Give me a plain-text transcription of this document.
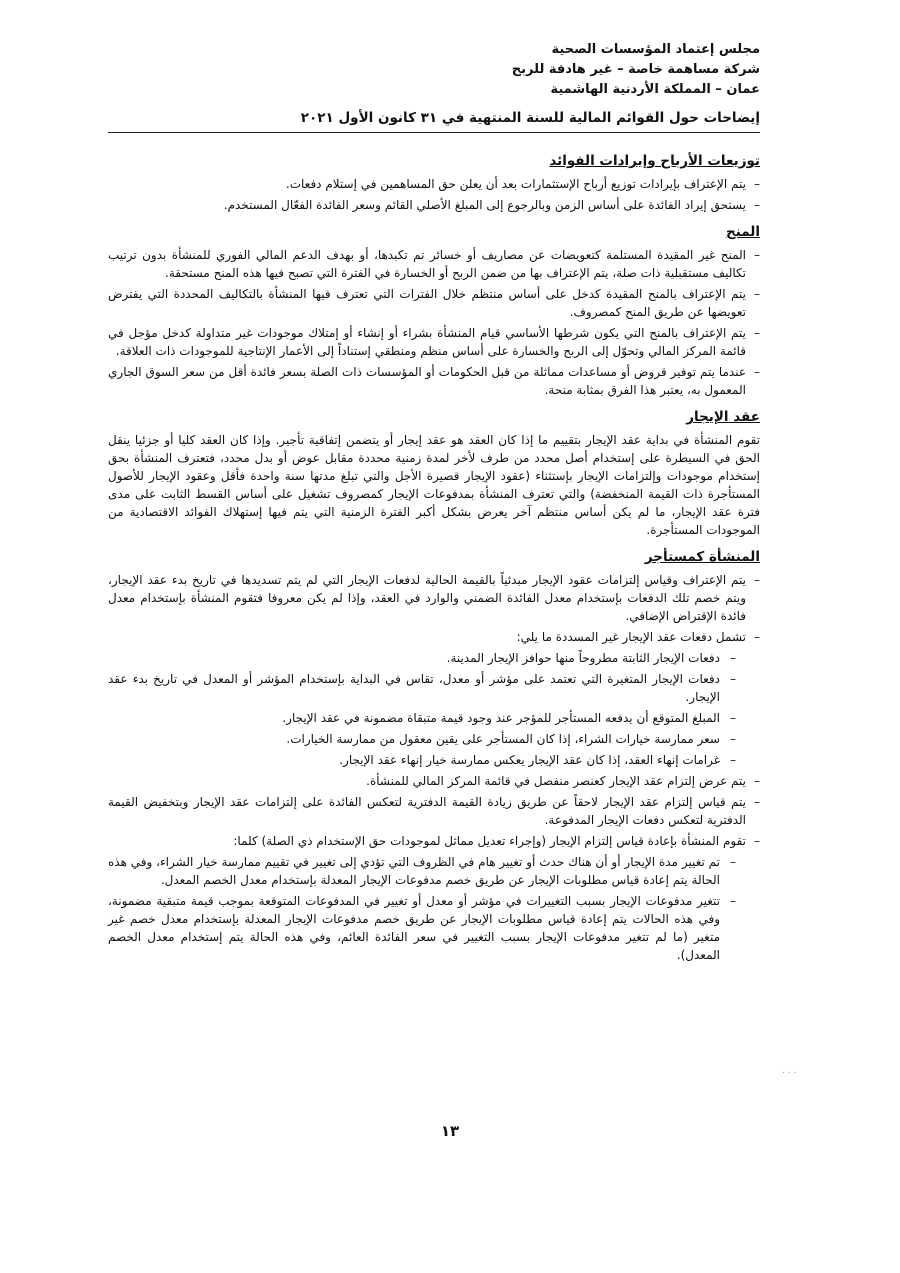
مجلس إعتماد المؤسسات الصحية
شركة مساهمة خاصة – غير هادفة للربح
عمان – المملكة الأردنية الهاشمية
إيضاحات حول القوائم المالية للسنة المنتهية في ٣١ كانون الأول ٢٠٢١
توزيعات الأرباح وإيرادات الفوائد
– يتم الإعتراف بإيرادات توزيع أرباح الإستثمارات بعد أن يعلن حق المساهمين في إستلام دفعات.
– يستحق إيراد الفائدة على أساس الزمن وبالرجوع إلى المبلغ الأصلي القائم وسعر الفائدة الفعّال المستخدم.
المنح
– المنح غير المقيدة المستلمة كتعويضات عن مصاريف أو خسائر تم تكبدها، أو بهدف الدعم المالي الفوري للمنشأة بدون ترتيب تكاليف مستقبلية ذات صلة، يتم الإعتراف بها من ضمن الربح أو الخسارة في الفترة التي تصبح فيها هذه المنح مستحقة.
– يتم الإعتراف بالمنح المقيدة كدخل على أساس منتظم خلال الفترات التي تعترف فيها المنشأة بالتكاليف المحددة التي يفترض تعويضها عن طريق المنح كمصروف.
– يتم الإعتراف بالمنح التي يكون شرطها الأساسي قيام المنشأة بشراء أو إنشاء أو إمتلاك موجودات غير متداولة كدخل مؤجل في قائمة المركز المالي وتحوّل إلى الربح والخسارة على أساس منظم ومنطقي إستناداً إلى الأعمار الإنتاجية للموجودات ذات العلاقة.
– عندما يتم توفير قروض أو مساعدات مماثلة من قبل الحكومات أو المؤسسات ذات الصلة بسعر فائدة أقل من سعر السوق الجاري المعمول به، يعتبر هذا الفرق بمثابة منحة.
عقد الإيجار

تقوم المنشأة في بداية عقد الإيجار بتقييم ما إذا كان العقد هو عقد إيجار أو يتضمن إتفاقية تأجير. وإذا كان العقد كليا أو جزئيا ينقل الحق في السيطرة على إستخدام أصل محدد من طرف لأخر لمدة زمنية محددة مقابل عوض أو بدل محدد، فتعترف المنشأة بحق إستخدام موجودات وإلتزامات الإيجار بإستثناء (عقود الإيجار قصيرة الأجل والتي تبلغ مدتها سنة واحدة فأقل وعقود الإيجار للأصول المستأجرة ذات القيمة المنخفضة) والتي تعترف المنشأة بمدفوعات الإيجار كمصروف تشغيل على أساس القسط الثابت على مدى فترة عقد الإيجار، ما لم يكن أساس منتظم آخر يعرض بشكل أكبر الفترة الزمنية التي يتم فيها إستهلاك الفوائد الاقتصادية من الموجودات المستأجرة.

المنشأة كمستأجر
– يتم الإعتراف وقياس إلتزامات عقود الإيجار مبدئياً بالقيمة الحالية لدفعات الإيجار التي لم يتم تسديدها في تاريخ بدء عقد الإيجار، ويتم خصم تلك الدفعات بإستخدام معدل الفائدة الضمني والوارد في العقد، وإذا لم يكن معروفا فتقوم المنشأة بإستخدام معدل فائدة الإقتراض الإضافي.
– تشمل دفعات عقد الإيجار غير المسددة ما يلي:
– دفعات الإيجار الثابتة مطروحاً منها حوافز الإيجار المدينة.
– دفعات الإيجار المتغيرة التي تعتمد على مؤشر أو معدل، تقاس في البداية بإستخدام المؤشر أو المعدل في تاريخ بدء عقد الإيجار.
– المبلغ المتوقع أن يدفعه المستأجر للمؤجر عند وجود قيمة متبقاة مضمونة في عقد الإيجار.
– سعر ممارسة خيارات الشراء، إذا كان المستأجر على يقين معقول من ممارسة الخيارات.
– غرامات إنهاء العقد، إذا كان عقد الإيجار يعكس ممارسة خيار إنهاء عقد الإيجار.
– يتم عرض إلتزام عقد الإيجار كعنصر منفصل في قائمة المركز المالي للمنشأة.
– يتم قياس إلتزام عقد الإيجار لاحقاً عن طريق زيادة القيمة الدفترية لتعكس الفائدة على إلتزامات عقد الإيجار وبتخفيض القيمة الدفترية لتعكس دفعات الإيجار المدفوعة.
– تقوم المنشأة بإعادة قياس إلتزام الإيجار (وإجراء تعديل مماثل لموجودات حق الإستخدام ذي الصلة) كلما:
– تم تغيير مدة الإيجار أو أن هناك حدث أو تغيير هام في الظروف التي تؤدي إلى تغيير في تقييم ممارسة خيار الشراء، وفي هذه الحالة يتم إعادة قياس مطلوبات الإيجار عن طريق خصم مدفوعات الإيجار المعدلة بإستخدام معدل الخصم المعدل.
– تتغير مدفوعات الإيجار بسبب التغييرات في مؤشر أو معدل أو تغيير في المدفوعات المتوقعة بموجب قيمة متبقية مضمونة، وفي هذه الحالات يتم إعادة قياس مطلوبات الإيجار عن طريق خصم مدفوعات الإيجار المعدلة بإستخدام معدل خصم غير متغير (ما لم تتغير مدفوعات الإيجار بسبب التغيير في سعر الفائدة العائم، وفي هذه الحالة يتم إستخدام معدل الخصم المعدل).
. . .
١٣
